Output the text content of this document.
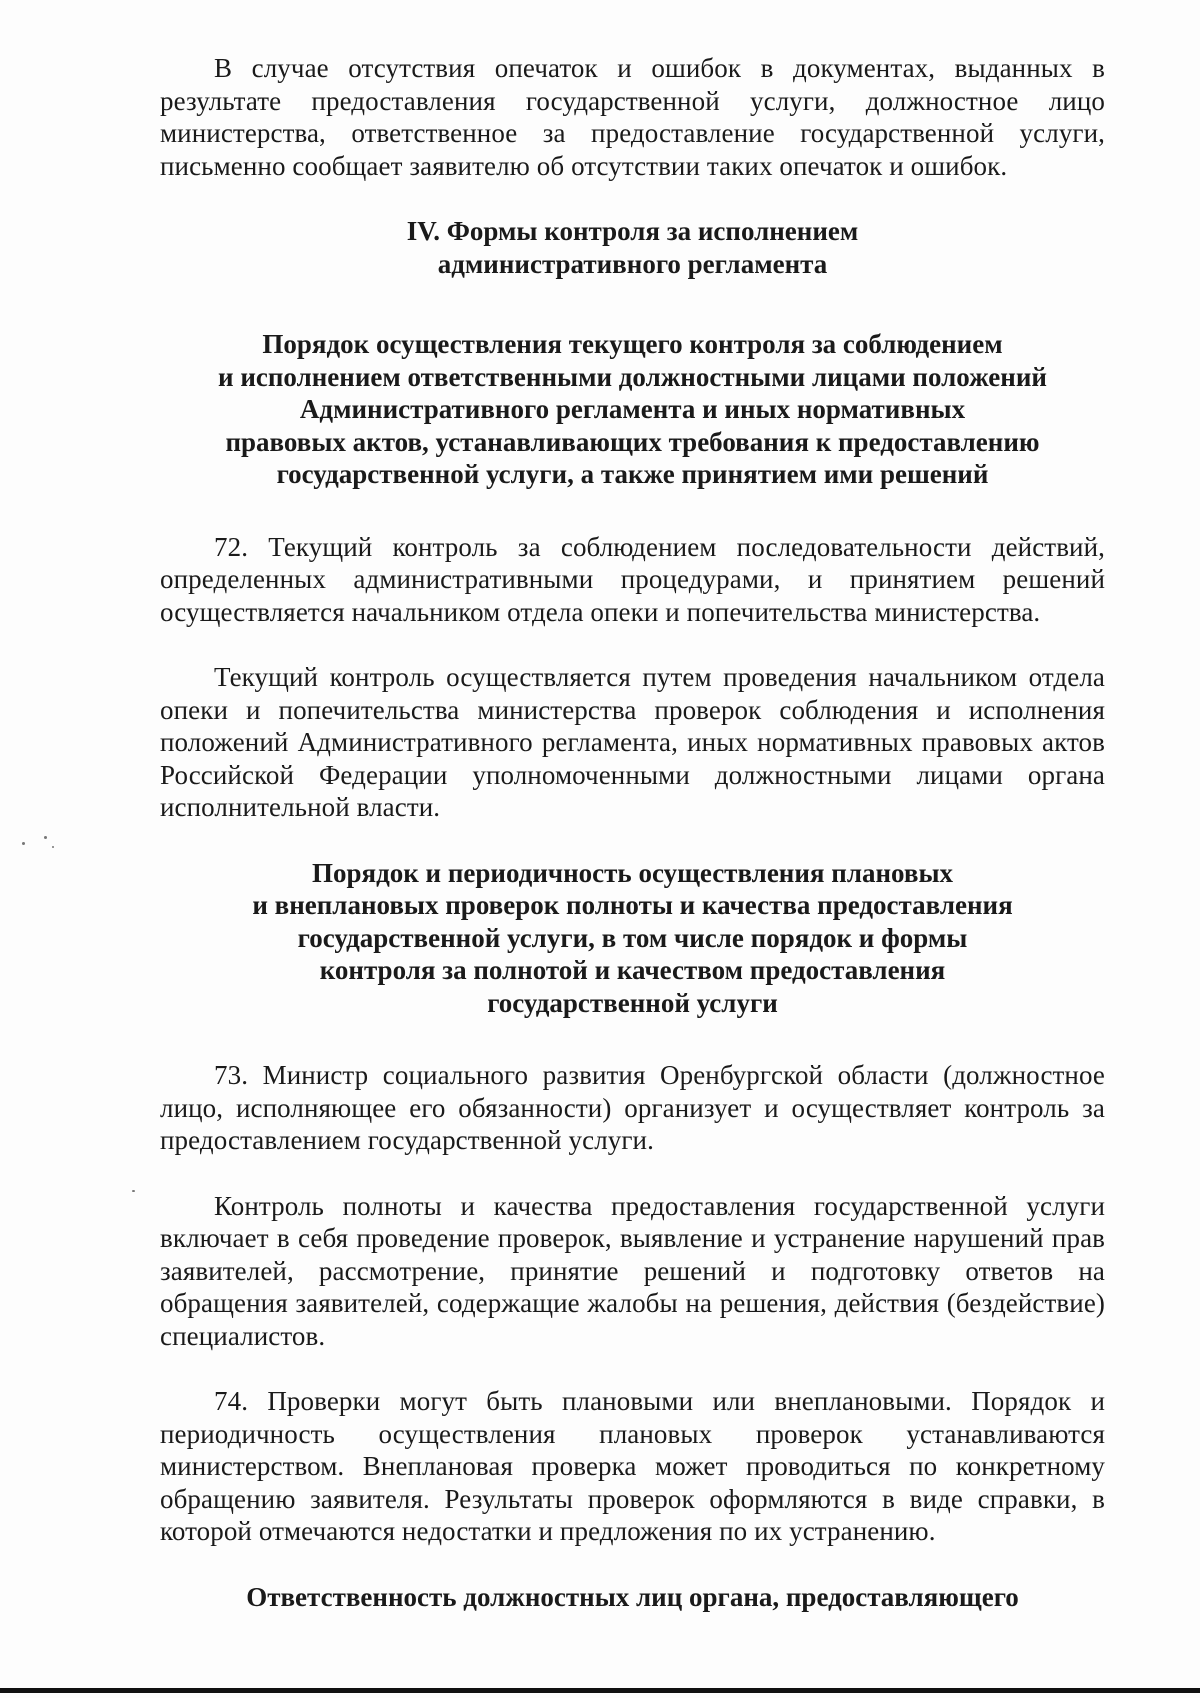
В случае отсутствия опечаток и ошибок в документах, выданных в результате предоставления государственной услуги, должностное лицо министерства, ответственное за предоставление государственной услуги, письменно сообщает заявителю об отсутствии таких опечаток и ошибок.

IV. Формы контроля за исполнением
административного регламента
Порядок осуществления текущего контроля за соблюдением
и исполнением ответственными должностными лицами положений
Административного регламента и иных нормативных
правовых актов, устанавливающих требования к предоставлению
государственной услуги, а также принятием ими решений

72. Текущий контроль за соблюдением последовательности действий, определенных административными процедурами, и принятием решений осуществляется начальником отдела опеки и попечительства министерства.

Текущий контроль осуществляется путем проведения начальником отдела опеки и попечительства министерства проверок соблюдения и исполнения положений Административного регламента, иных нормативных правовых актов Российской Федерации уполномоченными должностными лицами органа исполнительной власти.

Порядок и периодичность осуществления плановых
и внеплановых проверок полноты и качества предоставления
государственной услуги, в том числе порядок и формы
контроля за полнотой и качеством предоставления
государственной услуги

73. Министр социального развития Оренбургской области (должностное лицо, исполняющее его обязанности) организует и осуществляет контроль за предоставлением государственной услуги.

Контроль полноты и качества предоставления государственной услуги включает в себя проведение проверок, выявление и устранение нарушений прав заявителей, рассмотрение, принятие решений и подготовку ответов на обращения заявителей, содержащие жалобы на решения, действия (бездействие) специалистов.

74. Проверки могут быть плановыми или внеплановыми. Порядок и периодичность осуществления плановых проверок устанавливаются министерством. Внеплановая проверка может проводиться по конкретному обращению заявителя. Результаты проверок оформляются в виде справки, в которой отмечаются недостатки и предложения по их устранению.

Ответственность должностных лиц органа, предоставляющего
